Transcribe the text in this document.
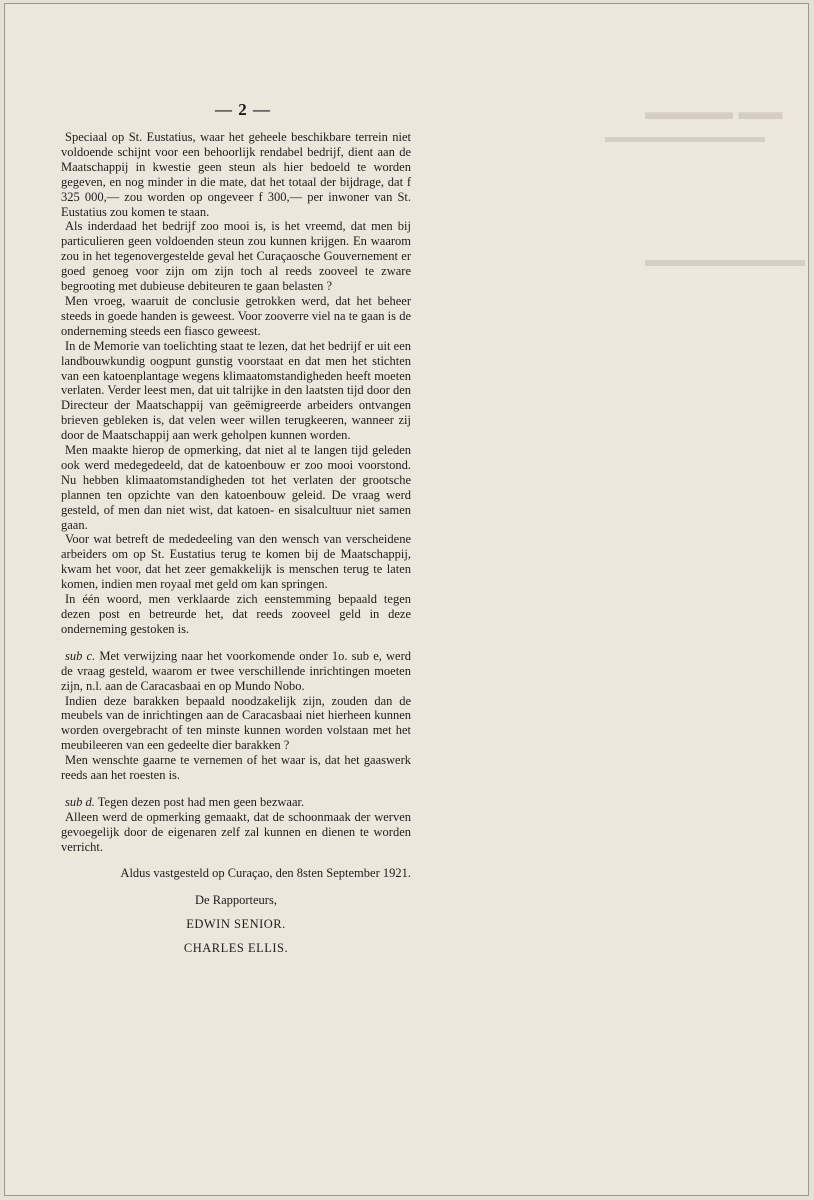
▬▬▬▬ ▬▬
▬▬▬▬▬▬▬▬▬▬
▬▬▬▬▬▬▬▬
— 2 —

Speciaal op St. Eustatius, waar het geheele beschikbare terrein niet voldoende schijnt voor een behoorlijk rendabel bedrijf, dient aan de Maatschappij in kwestie geen steun als hier bedoeld te worden gegeven, en nog minder in die mate, dat het totaal der bijdrage, dat f 325 000,— zou worden op ongeveer f 300,— per inwoner van St. Eustatius zou komen te staan.

Als inderdaad het bedrijf zoo mooi is, is het vreemd, dat men bij particulieren geen voldoenden steun zou kunnen krijgen. En waarom zou in het tegenovergestelde geval het Curaçaosche Gouvernement er goed genoeg voor zijn om zijn toch al reeds zooveel te zware begrooting met dubieuse debiteuren te gaan belasten ?

Men vroeg, waaruit de conclusie getrokken werd, dat het beheer steeds in goede handen is geweest. Voor zooverre viel na te gaan is de onderneming steeds een fiasco geweest.

In de Memorie van toelichting staat te lezen, dat het bedrijf er uit een landbouwkundig oogpunt gunstig voorstaat en dat men het stichten van een katoenplantage wegens klimaatomstandigheden heeft moeten verlaten. Verder leest men, dat uit talrijke in den laatsten tijd door den Directeur der Maatschappij van geëmigreerde arbeiders ontvangen brieven gebleken is, dat velen weer willen terugkeeren, wanneer zij door de Maatschappij aan werk geholpen kunnen worden.

Men maakte hierop de opmerking, dat niet al te langen tijd geleden ook werd medegedeeld, dat de katoenbouw er zoo mooi voorstond. Nu hebben klimaatomstandigheden tot het verlaten der grootsche plannen ten opzichte van den katoenbouw geleid. De vraag werd gesteld, of men dan niet wist, dat katoen- en sisalcultuur niet samen gaan.

Voor wat betreft de mededeeling van den wensch van verscheidene arbeiders om op St. Eustatius terug te komen bij de Maatschappij, kwam het voor, dat het zeer gemakkelijk is menschen terug te laten komen, indien men royaal met geld om kan springen.

In één woord, men verklaarde zich eenstemming bepaald tegen dezen post en betreurde het, dat reeds zooveel geld in deze onderneming gestoken is.

sub c. Met verwijzing naar het voorkomende onder 1o. sub e, werd de vraag gesteld, waarom er twee verschillende inrichtingen moeten zijn, n.l. aan de Caracasbaai en op Mundo Nobo.

Indien deze barakken bepaald noodzakelijk zijn, zouden dan de meubels van de inrichtingen aan de Caracasbaai niet hierheen kunnen worden overgebracht of ten minste kunnen worden volstaan met het meubileeren van een gedeelte dier barakken ?

Men wenschte gaarne te vernemen of het waar is, dat het gaaswerk reeds aan het roesten is.

sub d. Tegen dezen post had men geen bezwaar.

Alleen werd de opmerking gemaakt, dat de schoonmaak der werven gevoegelijk door de eigenaren zelf zal kunnen en dienen te worden verricht.

Aldus vastgesteld op Curaçao, den 8sten September 1921.
De Rapporteurs,
EDWIN SENIOR.
CHARLES ELLIS.
